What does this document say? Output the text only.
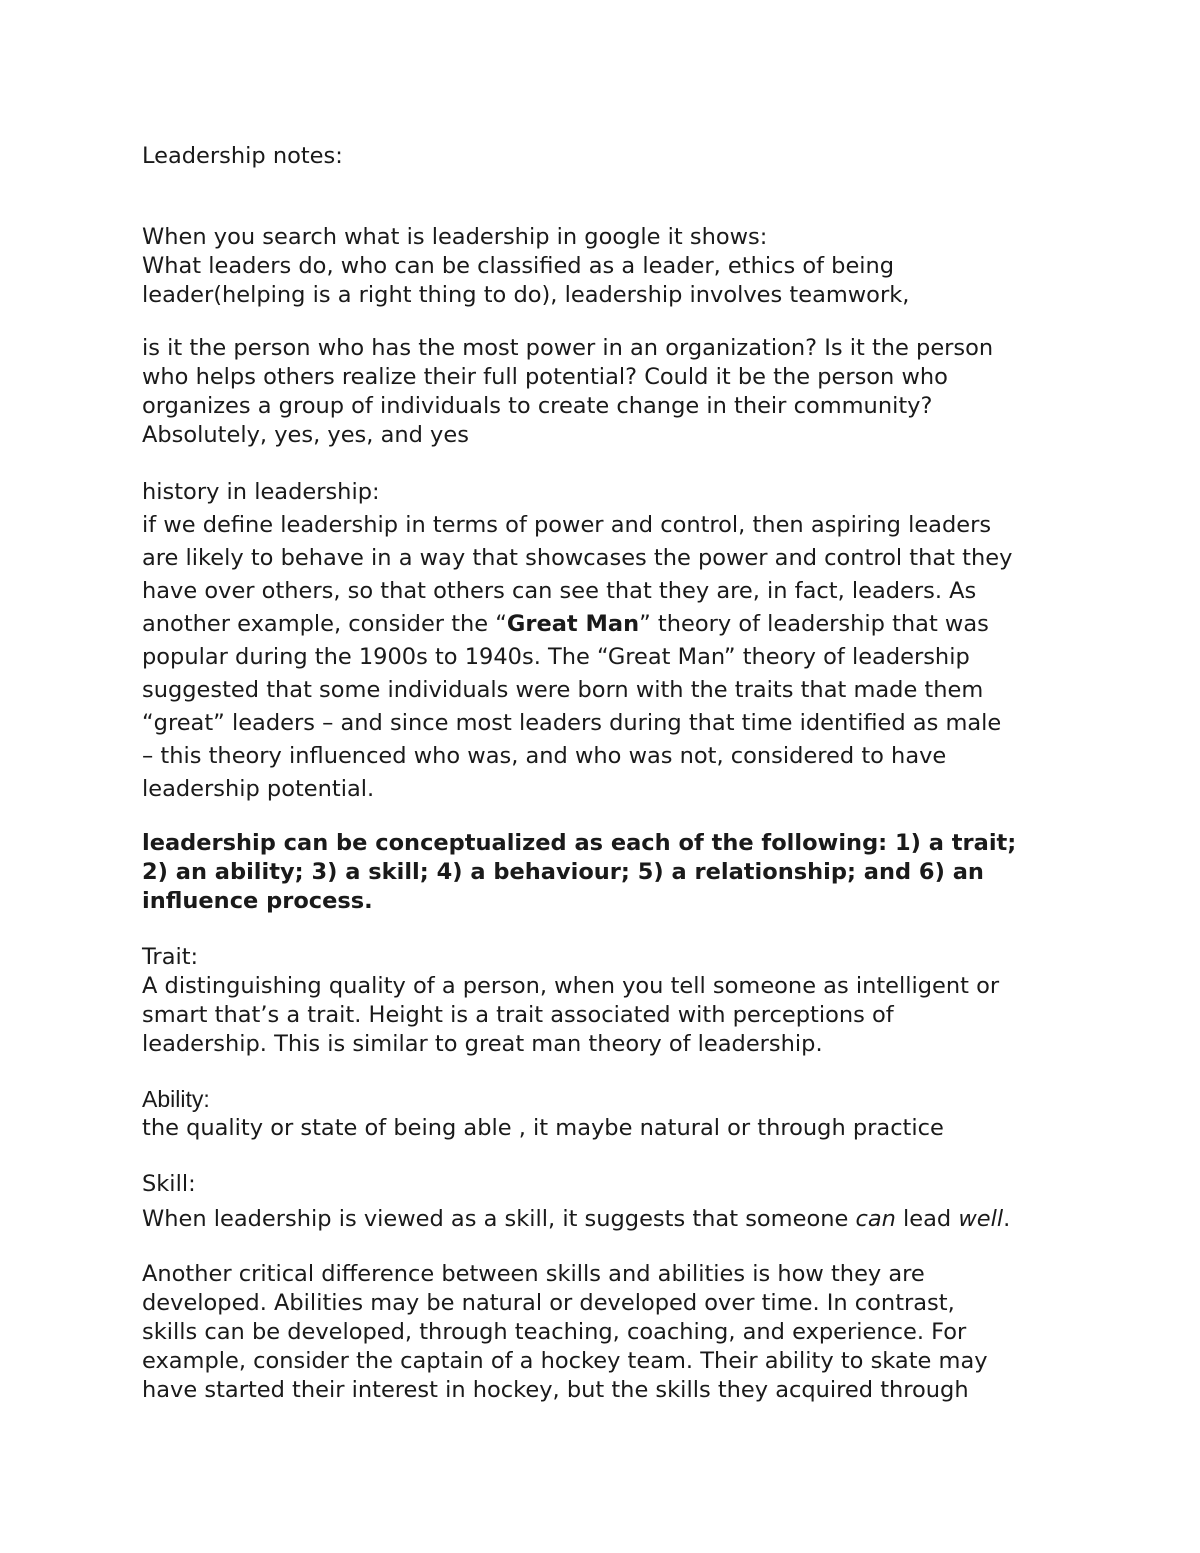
Leadership notes:

When you search what is leadership in google it shows:
What leaders do, who can be classified as a leader, ethics of being
leader(helping is a right thing to do), leadership involves teamwork,
is it the person who has the most power in an organization? Is it the person
who helps others realize their full potential? Could it be the person who
organizes a group of individuals to create change in their community?
Absolutely, yes, yes, and yes

history in leadership:

if we define leadership in terms of power and control, then aspiring leaders
are likely to behave in a way that showcases the power and control that they
have over others, so that others can see that they are, in fact, leaders. As
another example, consider the “Great Man” theory of leadership that was
popular during the 1900s to 1940s. The “Great Man” theory of leadership
suggested that some individuals were born with the traits that made them
“great” leaders – and since most leaders during that time identified as male
– this theory influenced who was, and who was not, considered to have
leadership potential.
leadership can be conceptualized as each of the following: 1) a trait;
2) an ability; 3) a skill; 4) a behaviour; 5) a relationship; and 6) an
influence process.
Trait:
A distinguishing quality of a person, when you tell someone as intelligent or
smart that’s a trait. Height is a trait associated with perceptions of
leadership. This is similar to great man theory of leadership.

Ability:

the quality or state of being able , it maybe natural or through practice

Skill:

When leadership is viewed as a skill, it suggests that someone can lead well.

Another critical difference between skills and abilities is how they are
developed. Abilities may be natural or developed over time. In contrast,
skills can be developed, through teaching, coaching, and experience. For
example, consider the captain of a hockey team. Their ability to skate may
have started their interest in hockey, but the skills they acquired through
